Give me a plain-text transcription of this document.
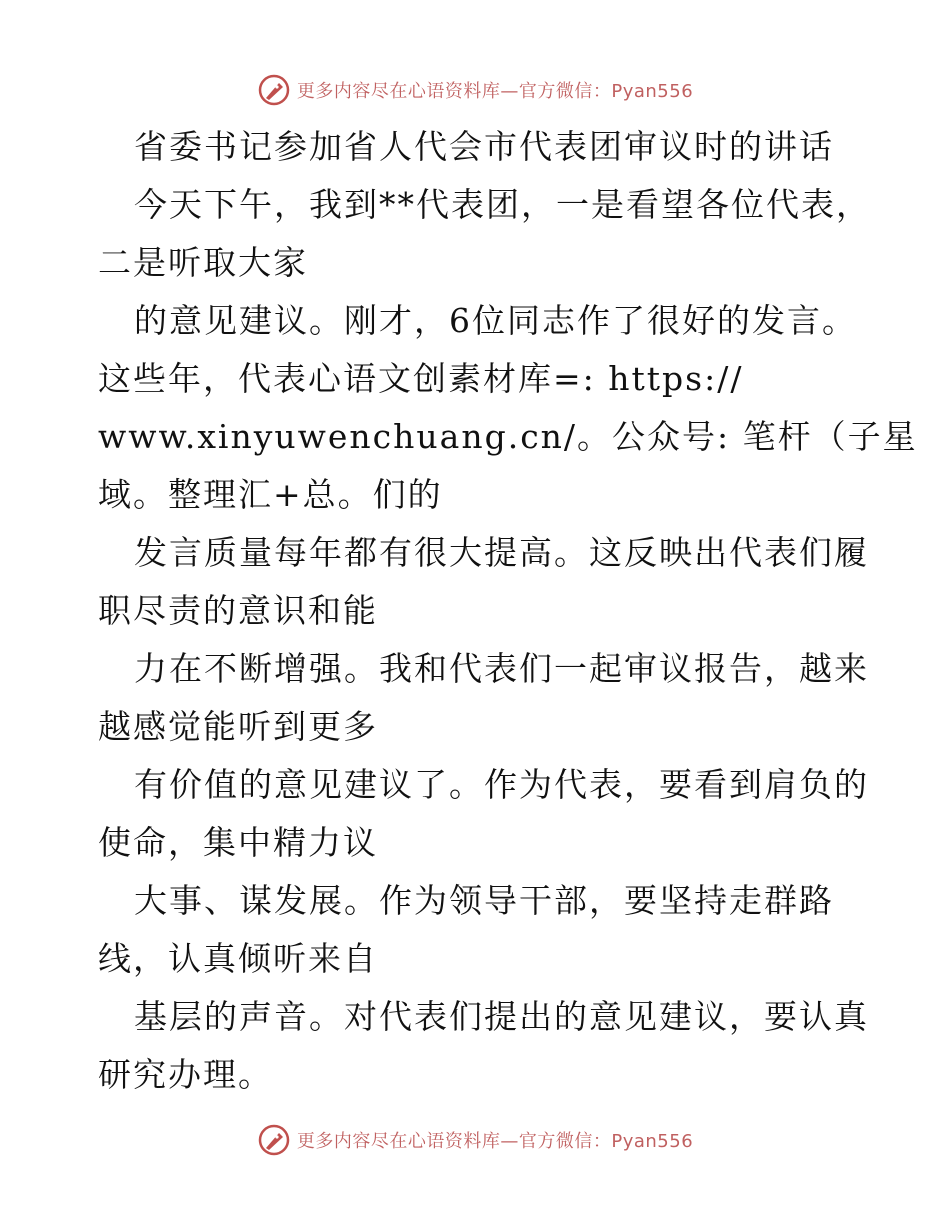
更多内容尽在心语资料库—官方微信：Pyan556
省委书记参加省人代会市代表团审议时的讲话
今天下午，我到**代表团，一是看望各位代表，
二是听取大家
的意见建议。刚才，6位同志作了很好的发言。
这些年，代表心语文创素材库=: https://
www.xinyuwenchuang.cn/。公众号: 笔杆（子星
域。整理汇+总。们的
发言质量每年都有很大提高。这反映出代表们履
职尽责的意识和能
力在不断增强。我和代表们一起审议报告，越来
越感觉能听到更多
有价值的意见建议了。作为代表，要看到肩负的
使命，集中精力议
大事、谋发展。作为领导干部，要坚持走群路
线，认真倾听来自
基层的声音。对代表们提出的意见建议，要认真
研究办理。
更多内容尽在心语资料库—官方微信：Pyan556
